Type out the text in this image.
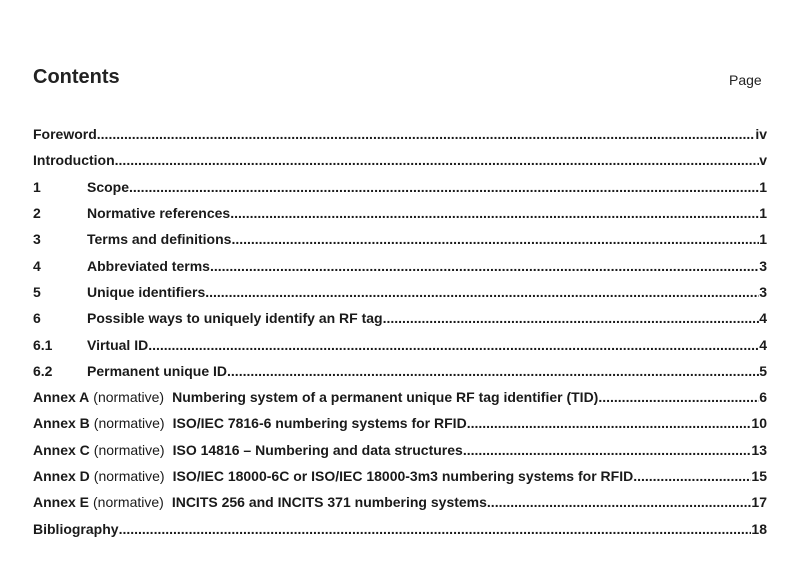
Contents	Page
Foreword .....	iv
Introduction .....	v
1	Scope .....	1
2	Normative references .....	1
3	Terms and definitions .....	1
4	Abbreviated terms .....	3
5	Unique identifiers .....	3
6	Possible ways to uniquely identify an RF tag .....	4
6.1	Virtual ID .....	4
6.2	Permanent unique ID .....	5
Annex A (normative) Numbering system of a permanent unique RF tag identifier (TID) .....	6
Annex B (normative) ISO/IEC 7816-6 numbering systems for RFID .....	10
Annex C (normative) ISO 14816 – Numbering and data structures .....	13
Annex D (normative) ISO/IEC 18000-6C or ISO/IEC 18000-3m3 numbering systems for RFID .....	15
Annex E (normative) INCITS 256 and INCITS 371 numbering systems .....	17
Bibliography .....	18
